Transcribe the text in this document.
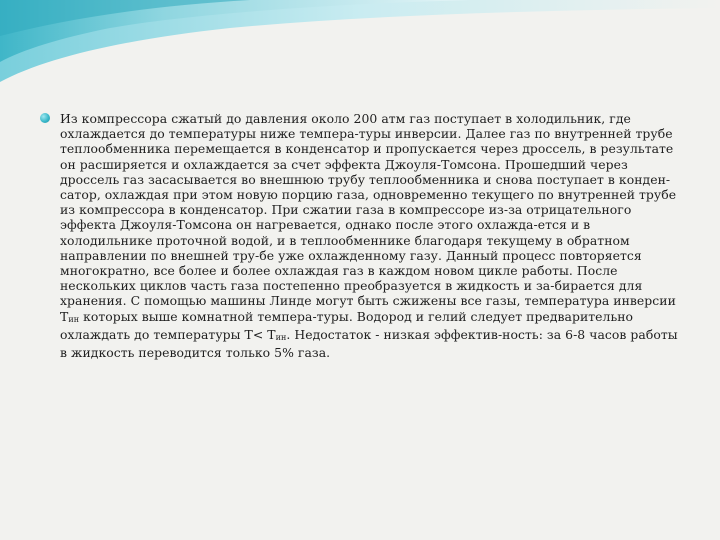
Из компрессора сжатый до давления около 200 атм газ поступает в холодильник, где охлаждается до температуры ниже темпера-туры инверсии. Далее газ по внутренней трубе теплообменника перемещается в конденсатор и пропускается через дроссель, в результате он расширяется и охлаждается за счет эффекта Джоуля-Томсона. Прошедший через дроссель газ засасывается во внешнюю трубу теплообменника и снова поступает в конден-сатор, охлаждая при этом новую порцию газа, одновременно текущего по внутренней трубе из компрессора в конденсатор. При сжатии газа в компрессоре из-за отрицательного эффекта Джоуля-Томсона он нагревается, однако после этого охлажда-ется и в холодильнике проточной водой, и в теплообменнике благодаря текущему в обратном направлении по внешней тру-бе уже охлажденному газу. Данный процесс повторяется многократно, все более и более охлаждая газ в каждом новом цикле работы. После нескольких циклов часть газа постепенно преобразуется в жидкость и за-бирается для хранения. С помощью машины Линде могут быть сжижены все газы, температура инверсии Tин которых выше комнатной темпера-туры. Водород и гелий следует предварительно охлаждать до температуры T< Tин. Недостаток - низкая эффектив-ность: за 6-8 часов работы в жидкость переводится только 5% газа.
